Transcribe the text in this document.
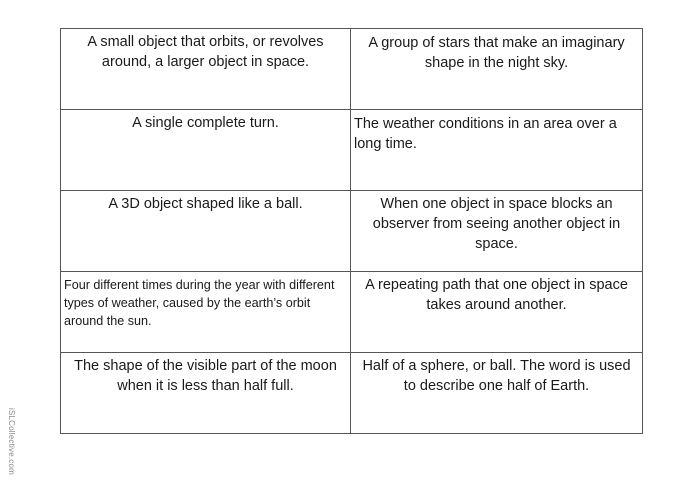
A small object that orbits, or revolves around, a larger object in space.	A group of stars that make an imaginary shape in the night sky.

A single complete turn.	The weather conditions in an area over a long time.

A 3D object shaped like a ball.	When one object in space blocks an observer from seeing another object in space.

Four different times during the year with different types of weather, caused by the earth’s orbit around the sun.	A repeating path that one object in space takes around another.

The shape of the visible part of the moon when it is less than half full.	Half of a sphere, or ball. The word is used to describe one half of Earth.
iSLCollective.com
